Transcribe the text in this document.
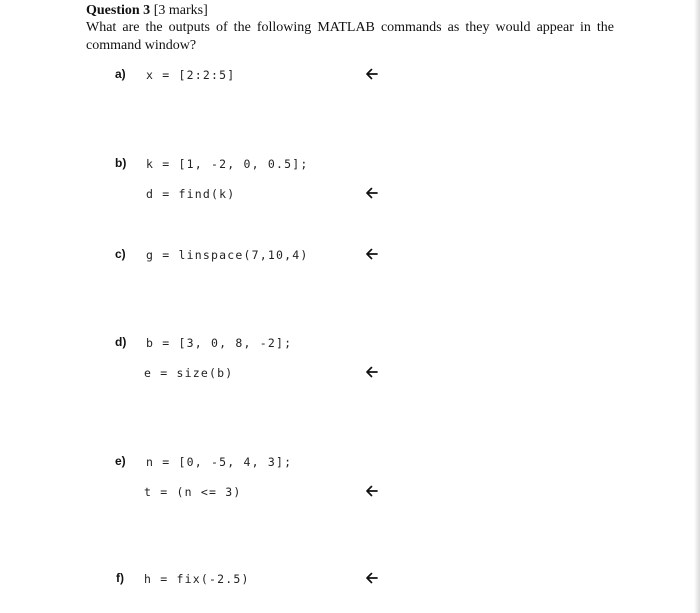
Question 3 [3 marks]
What are the outputs of the following MATLAB commands as they would appear in the command window?
a) x = [2:2:5]
b) k = [1, -2, 0, 0.5];
d = find(k)
c) g = linspace(7,10,4)
d) b = [3, 0, 8, -2];
e = size(b)
e) n = [0, -5, 4, 3];
t = (n <= 3)
f) h = fix(-2.5)
